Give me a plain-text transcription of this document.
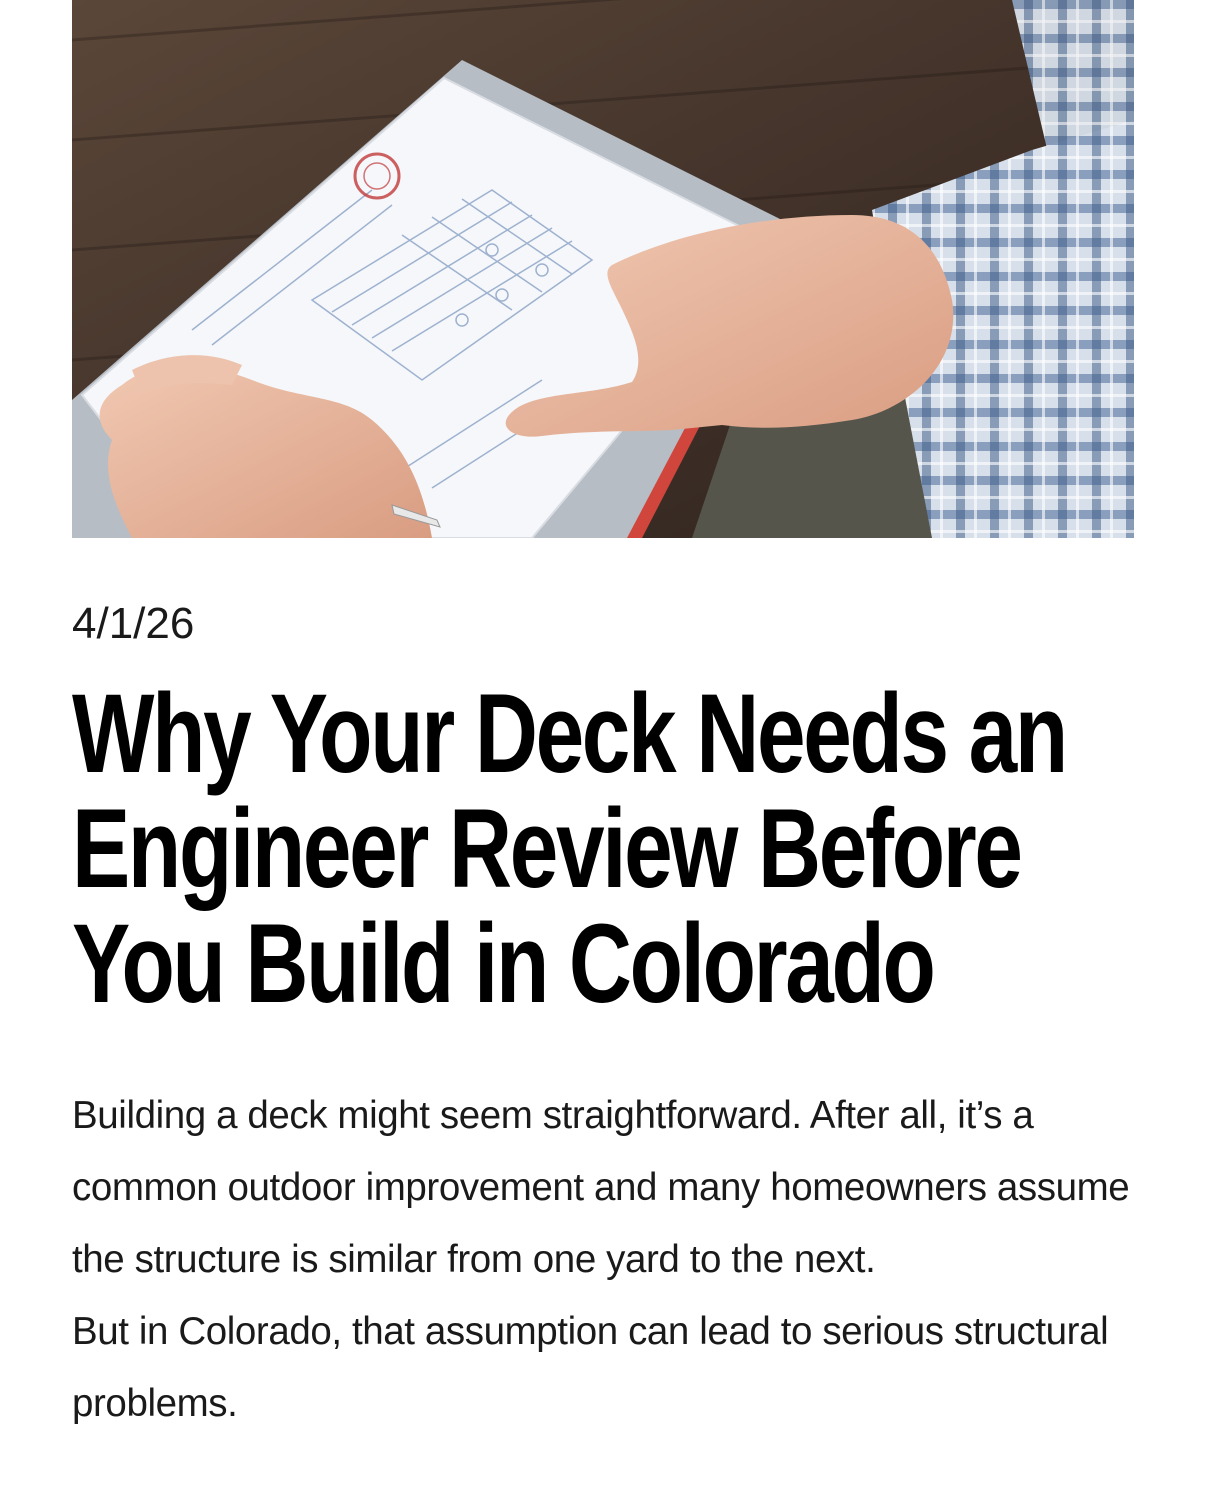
4/1/26
Why Your Deck Needs an
Engineer Review Before
You Build in Colorado

Building a deck might seem straightforward. After all, it’s a common outdoor improvement and many homeowners assume the structure is similar from one yard to the next.

But in Colorado, that assumption can lead to serious structural problems.
